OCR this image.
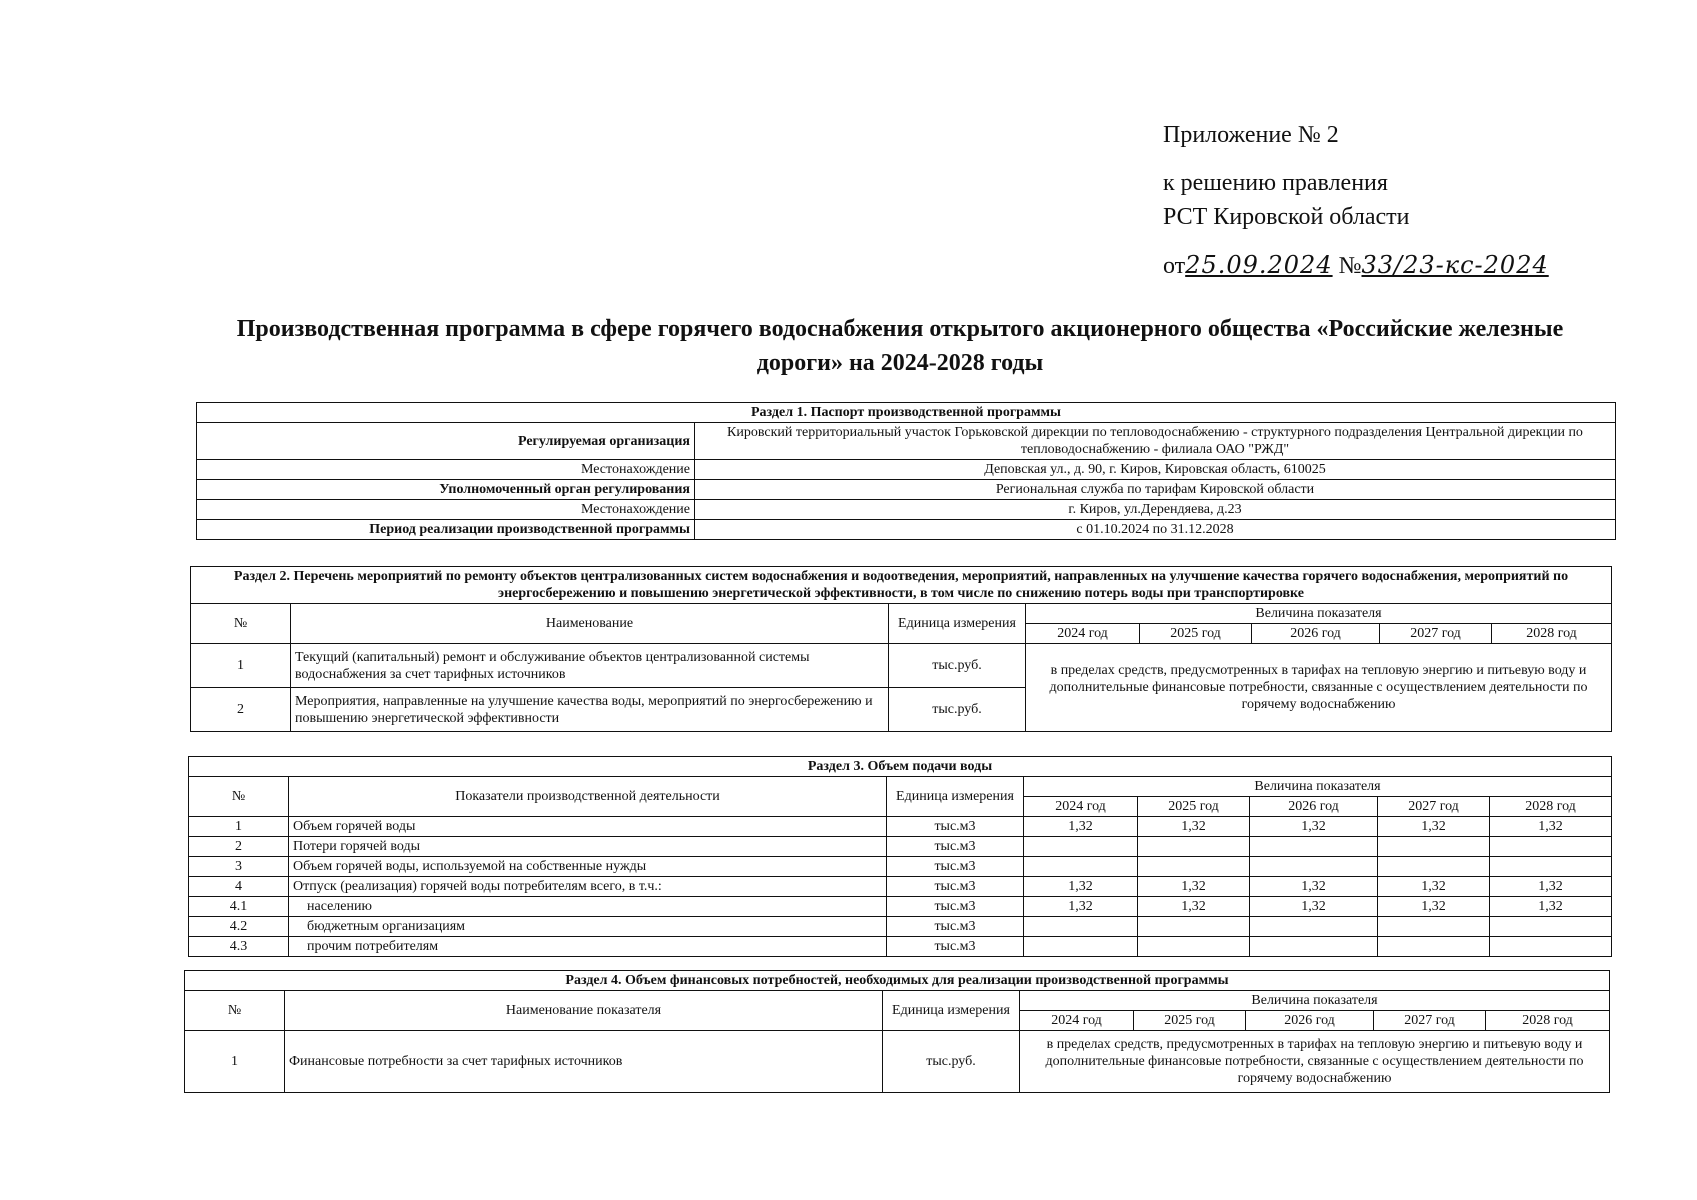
Приложение № 2
к решению правления
РСТ Кировской области
от25.09.2024 №33/23-кс-2024
Производственная программа в сфере горячего водоснабжения открытого акционерного общества «Российские железные дороги» на 2024-2028 годы
Раздел 1. Паспорт производственной программы	
Регулируемая организация	Кировский территориальный участок Горьковской дирекции по тепловодоснабжению - структурного подразделения Центральной дирекции по тепловодоснабжению - филиала ОАО "РЖД"
Местонахождение	Деповская ул., д. 90, г. Киров, Кировская область, 610025
Уполномоченный орган регулирования	Региональная служба по тарифам Кировской области
Местонахождение	г. Киров, ул.Дерендяева, д.23
Период реализации производственной программы	с 01.10.2024 по 31.12.2028
Раздел 2. Перечень мероприятий по ремонту объектов централизованных систем водоснабжения и водоотведения, мероприятий, направленных на улучшение качества горячего водоснабжения, мероприятий по энергосбережению и повышению энергетической эффективности, в том числе по снижению потерь воды при транспортировке							
№	Наименование	Единица измерения	Величина показателя				
			2024 год	2025 год	2026 год	2027 год	2028 год
1	Текущий (капитальный) ремонт и обслуживание объектов централизованной системы водоснабжения за счет тарифных источников	тыс.руб.	в пределах средств, предусмотренных в тарифах на тепловую энергию и питьевую воду и дополнительные финансовые потребности, связанные с осуществлением деятельности по горячему водоснабжению				
2	Мероприятия, направленные на улучшение качества воды, мероприятий по энергосбережению и повышению энергетической эффективности	тыс.руб.					
Раздел 3. Объем подачи воды							
№	Показатели производственной деятельности	Единица измерения	Величина показателя				
			2024 год	2025 год	2026 год	2027 год	2028 год
1	Объем горячей воды	тыс.м3	1,32	1,32	1,32	1,32	1,32
2	Потери горячей воды	тыс.м3					
3	Объем горячей воды, используемой на собственные нужды	тыс.м3					
4	Отпуск (реализация) горячей воды потребителям всего, в т.ч.:	тыс.м3	1,32	1,32	1,32	1,32	1,32
4.1	населению	тыс.м3	1,32	1,32	1,32	1,32	1,32
4.2	бюджетным организациям	тыс.м3					
4.3	прочим потребителям	тыс.м3					
Раздел 4. Объем финансовых потребностей, необходимых для реализации производственной программы							
№	Наименование показателя	Единица измерения	Величина показателя				
			2024 год	2025 год	2026 год	2027 год	2028 год
1	Финансовые потребности за счет тарифных источников	тыс.руб.	в пределах средств, предусмотренных в тарифах на тепловую энергию и питьевую воду и дополнительные финансовые потребности, связанные с осуществлением деятельности по горячему водоснабжению				
